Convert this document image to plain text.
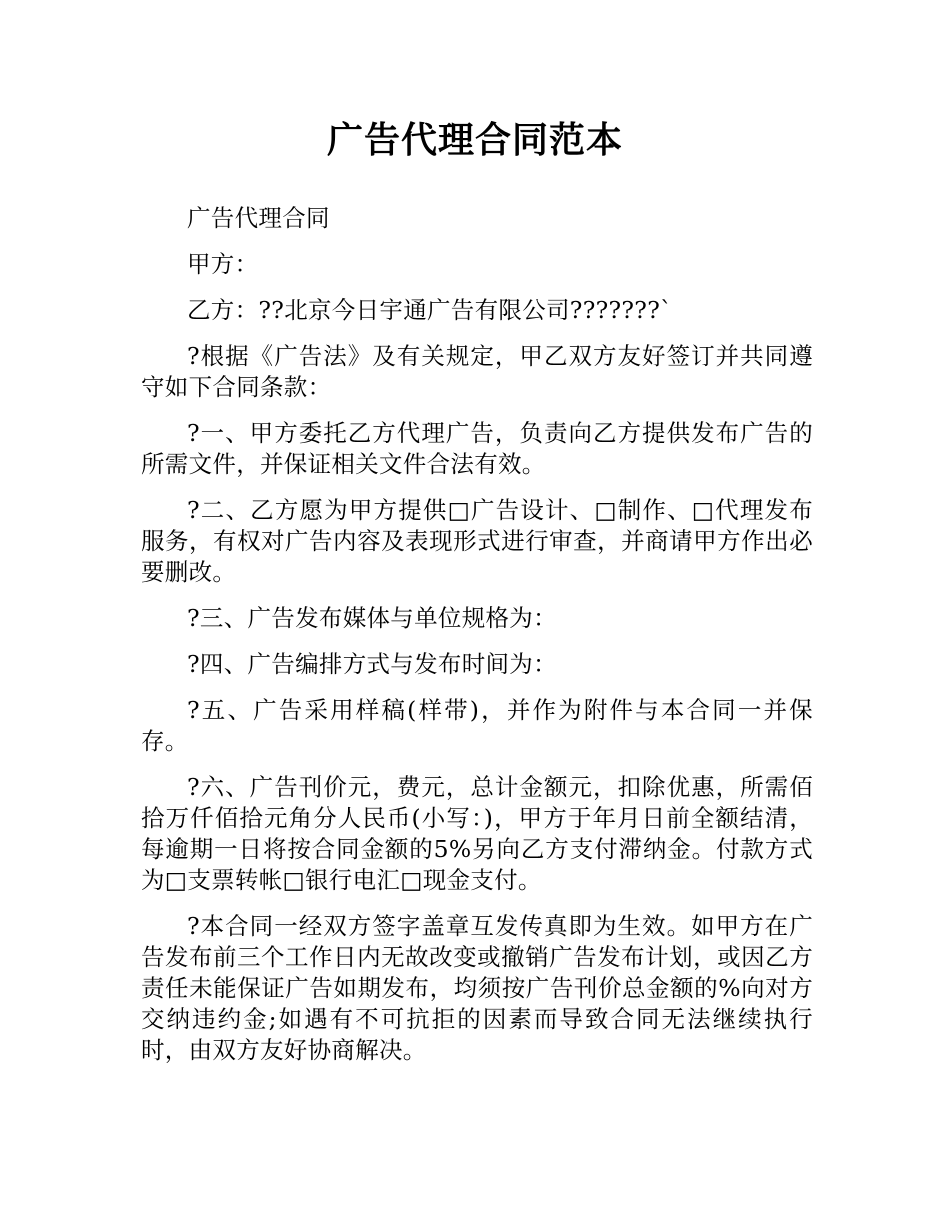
广告代理合同范本

广告代理合同

甲方：

乙方：??北京今日宇通广告有限公司???????`

?根据《广告法》及有关规定，甲乙双方友好签订并共同遵守如下合同条款：

?一、甲方委托乙方代理广告，负责向乙方提供发布广告的所需文件，并保证相关文件合法有效。

?二、乙方愿为甲方提供□广告设计、□制作、□代理发布服务，有权对广告内容及表现形式进行审查，并商请甲方作出必要删改。

?三、广告发布媒体与单位规格为：

?四、广告编排方式与发布时间为：

?五、广告采用样稿(样带)，并作为附件与本合同一并保存。

?六、广告刊价元，费元，总计金额元，扣除优惠，所需佰拾万仟佰拾元角分人民币(小写：)，甲方于年月日前全额结清，每逾期一日将按合同金额的5%另向乙方支付滞纳金。付款方式为□支票转帐□银行电汇□现金支付。

?本合同一经双方签字盖章互发传真即为生效。如甲方在广告发布前三个工作日内无故改变或撤销广告发布计划，或因乙方责任未能保证广告如期发布，均须按广告刊价总金额的%向对方交纳违约金;如遇有不可抗拒的因素而导致合同无法继续执行时，由双方友好协商解决。
